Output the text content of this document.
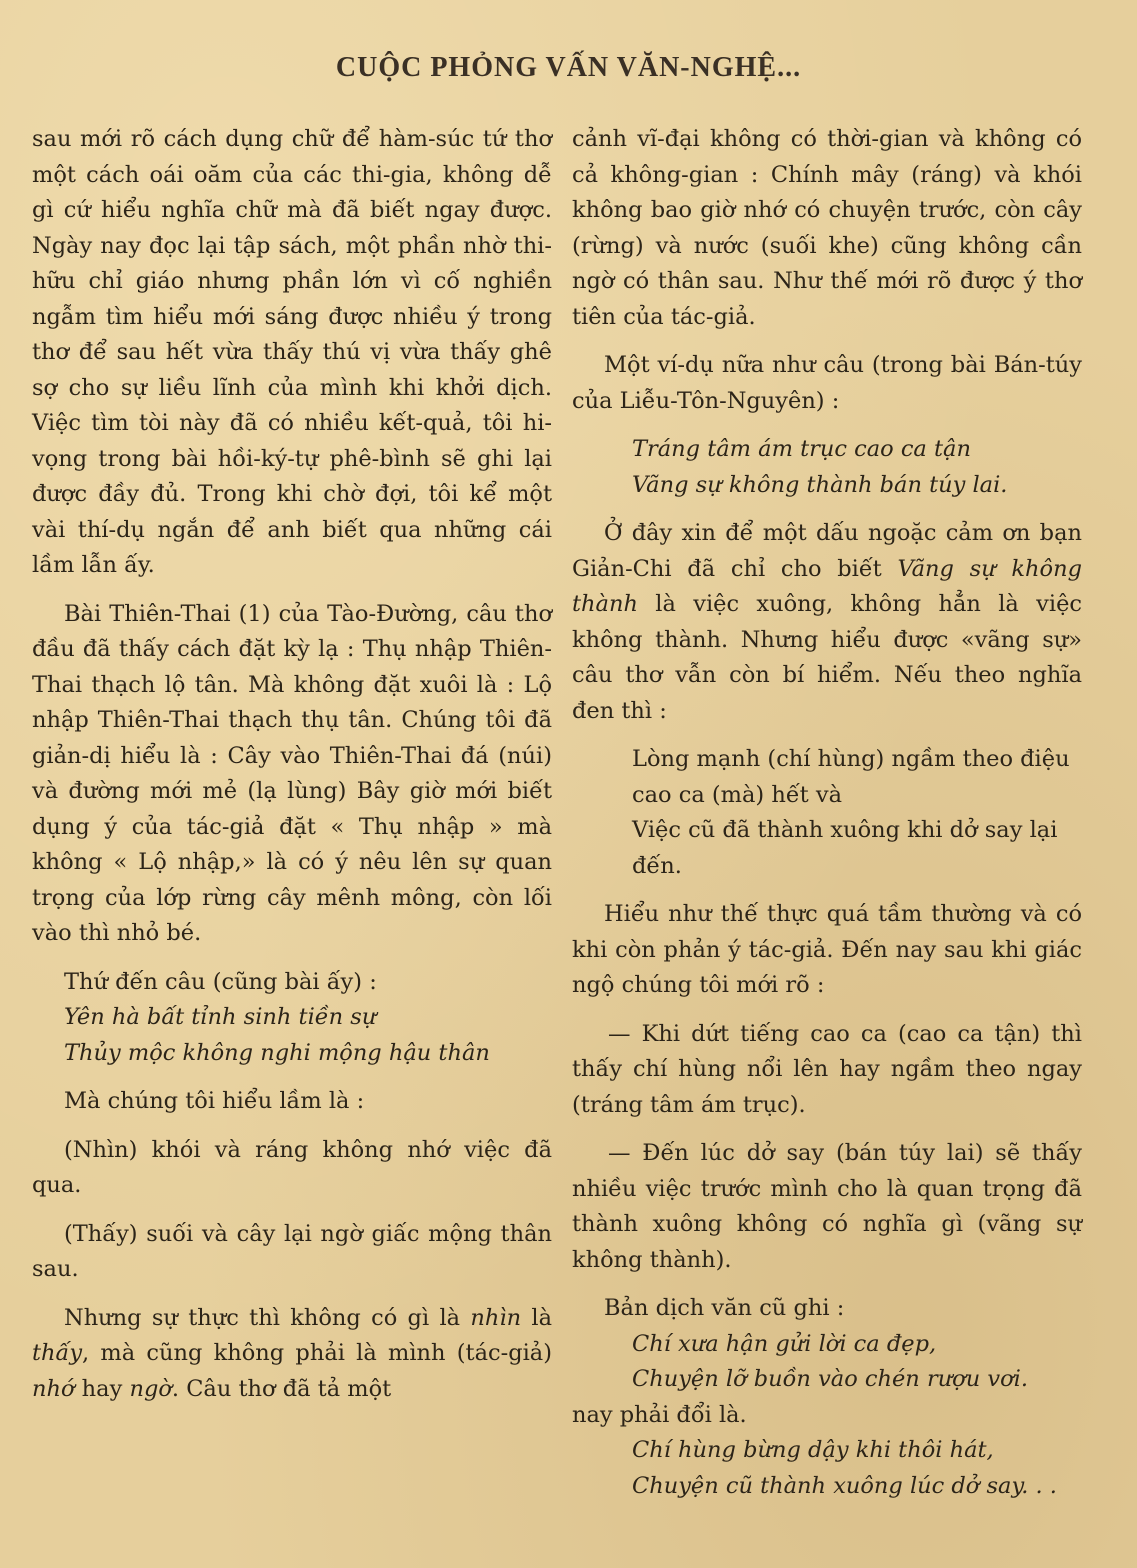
CUỘC PHỎNG VẤN VĂN-NGHỆ...

sau mới rõ cách dụng chữ để hàm-súc tứ thơ một cách oái oăm của các thi-gia, không dễ gì cứ hiểu nghĩa chữ mà đã biết ngay được. Ngày nay đọc lại tập sách, một phần nhờ thi-hữu chỉ giáo nhưng phần lớn vì cố nghiền ngẫm tìm hiểu mới sáng được nhiều ý trong thơ để sau hết vừa thấy thú vị vừa thấy ghê sợ cho sự liều lĩnh của mình khi khởi dịch. Việc tìm tòi này đã có nhiều kết-quả, tôi hi-vọng trong bài hồi-ký-tự phê-bình sẽ ghi lại được đầy đủ. Trong khi chờ đợi, tôi kể một vài thí-dụ ngắn để anh biết qua những cái lầm lẫn ấy.

Bài Thiên-Thai (1) của Tào-Đường, câu thơ đầu đã thấy cách đặt kỳ lạ : Thụ nhập Thiên-Thai thạch lộ tân. Mà không đặt xuôi là : Lộ nhập Thiên-Thai thạch thụ tân. Chúng tôi đã giản-dị hiểu là : Cây vào Thiên-Thai đá (núi) và đường mới mẻ (lạ lùng) Bây giờ mới biết dụng ý của tác-giả đặt « Thụ nhập » mà không « Lộ nhập,» là có ý nêu lên sự quan trọng của lớp rừng cây mênh mông, còn lối vào thì nhỏ bé.

Thứ đến câu (cũng bài ấy) :

Yên hà bất tỉnh sinh tiền sự

Thủy mộc không nghi mộng hậu thân

Mà chúng tôi hiểu lầm là :

(Nhìn) khói và ráng không nhớ việc đã qua.

(Thấy) suối và cây lại ngờ giấc mộng thân sau.

Nhưng sự thực thì không có gì là nhìn là thấy, mà cũng không phải là mình (tác-giả) nhớ hay ngờ. Câu thơ đã tả một

cảnh vĩ-đại không có thời-gian và không có cả không-gian : Chính mây (ráng) và khói không bao giờ nhớ có chuyện trước, còn cây (rừng) và nước (suối khe) cũng không cần ngờ có thân sau. Như thế mới rõ được ý thơ tiên của tác-giả.

Một ví-dụ nữa như câu (trong bài Bán-túy của Liễu-Tôn-Nguyên) :

Tráng tâm ám trục cao ca tận

Vãng sự không thành bán túy lai.

Ở đây xin để một dấu ngoặc cảm ơn bạn Giản-Chi đã chỉ cho biết Vãng sự không thành là việc xuông, không hẳn là việc không thành. Nhưng hiểu được «vãng sự» câu thơ vẫn còn bí hiểm. Nếu theo nghĩa đen thì :

Lòng mạnh (chí hùng) ngầm theo điệu cao ca (mà) hết và

Việc cũ đã thành xuông khi dở say lại đến.

Hiểu như thế thực quá tầm thường và có khi còn phản ý tác-giả. Đến nay sau khi giác ngộ chúng tôi mới rõ :

— Khi dứt tiếng cao ca (cao ca tận) thì thấy chí hùng nổi lên hay ngầm theo ngay (tráng tâm ám trục).

— Đến lúc dở say (bán túy lai) sẽ thấy nhiều việc trước mình cho là quan trọng đã thành xuông không có nghĩa gì (vãng sự không thành).

Bản dịch văn cũ ghi :

Chí xưa hận gửi lời ca đẹp,

Chuyện lỡ buồn vào chén rượu vơi.

nay phải đổi là.

Chí hùng bừng dậy khi thôi hát,

Chuyện cũ thành xuông lúc dở say. . .
